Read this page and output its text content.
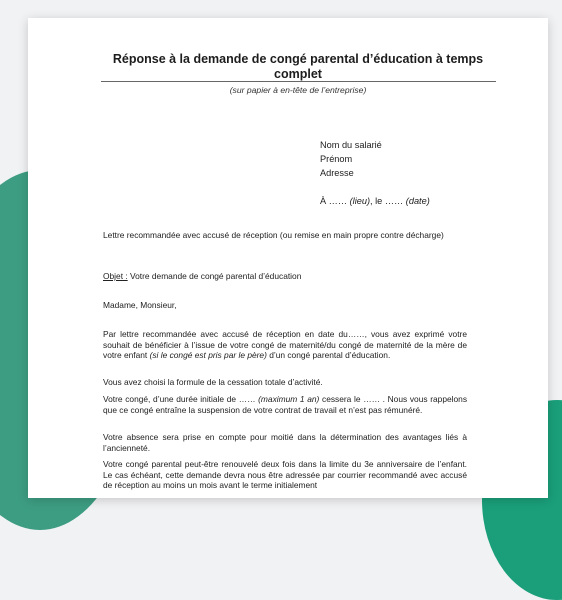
Réponse à la demande de congé parental d’éducation à temps complet
(sur papier à en-tête de l’entreprise)
Nom du salarié
Prénom
Adresse
À …… (lieu), le …… (date)
Lettre recommandée avec accusé de réception (ou remise en main propre contre décharge)
Objet : Votre demande de congé parental d’éducation
Madame, Monsieur,
Par lettre recommandée avec accusé de réception en date du……, vous avez exprimé votre souhait de bénéficier à l’issue de votre congé de maternité/du congé de maternité de la mère de votre enfant (si le congé est pris par le père) d’un congé parental d’éducation.
Vous avez choisi la formule de la cessation totale d’activité.
Votre congé, d’une durée initiale de …… (maximum 1 an) cessera le …… . Nous vous rappelons que ce congé entraîne la suspension de votre contrat de travail et n’est pas rémunéré.
Votre absence sera prise en compte pour moitié dans la détermination des avantages liés à l’ancienneté.
Votre congé parental peut-être renouvelé deux fois dans la limite du 3e anniversaire de l’enfant. Le cas échéant, cette demande devra nous être adressée par courrier recommandé avec accusé de réception au moins un mois avant le terme initialement
